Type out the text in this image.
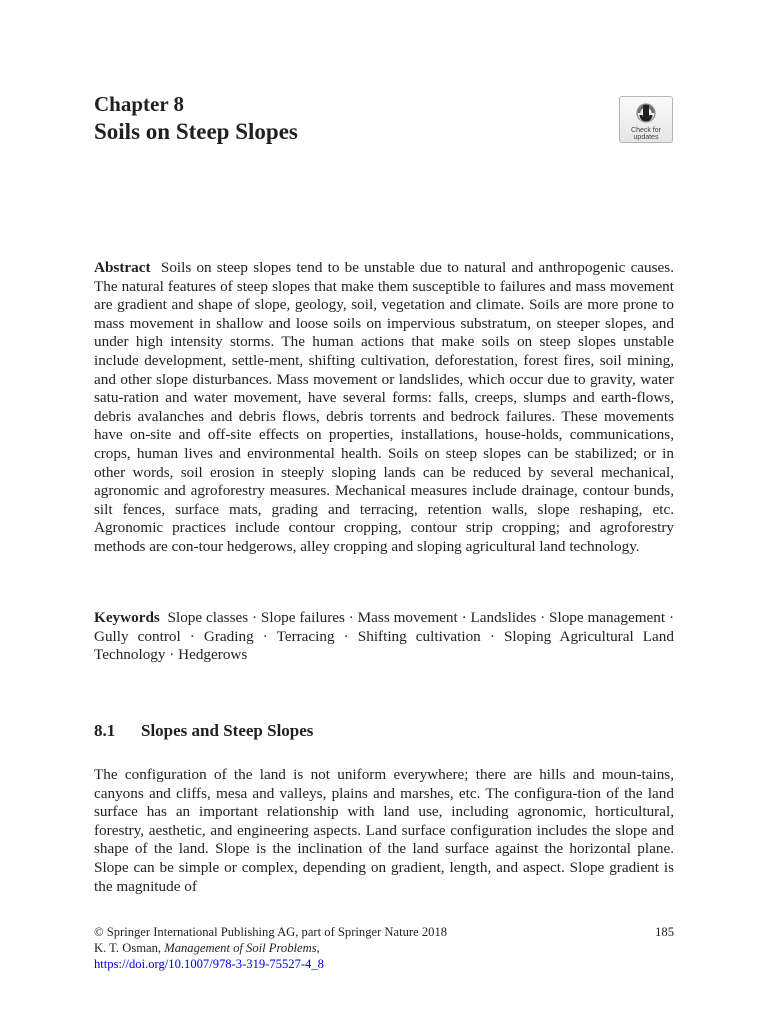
Chapter 8
Soils on Steep Slopes	Check for
updates
Abstract Soils on steep slopes tend to be unstable due to natural and anthropogenic causes. The natural features of steep slopes that make them susceptible to failures and mass movement are gradient and shape of slope, geology, soil, vegetation and climate. Soils are more prone to mass movement in shallow and loose soils on impervious substratum, on steeper slopes, and under high intensity storms. The human actions that make soils on steep slopes unstable include development, settle-ment, shifting cultivation, deforestation, forest fires, soil mining, and other slope disturbances. Mass movement or landslides, which occur due to gravity, water satu-ration and water movement, have several forms: falls, creeps, slumps and earth-flows, debris avalanches and debris flows, debris torrents and bedrock failures. These movements have on-site and off-site effects on properties, installations, house-holds, communications, crops, human lives and environmental health. Soils on steep slopes can be stabilized; or in other words, soil erosion in steeply sloping lands can be reduced by several mechanical, agronomic and agroforestry measures. Mechanical measures include drainage, contour bunds, silt fences, surface mats, grading and terracing, retention walls, slope reshaping, etc. Agronomic practices include contour cropping, contour strip cropping; and agroforestry methods are con-tour hedgerows, alley cropping and sloping agricultural land technology.
Keywords Slope classes · Slope failures · Mass movement · Landslides · Slope management · Gully control · Grading · Terracing · Shifting cultivation · Sloping Agricultural Land Technology · Hedgerows
8.1 Slopes and Steep Slopes
The configuration of the land is not uniform everywhere; there are hills and moun-tains, canyons and cliffs, mesa and valleys, plains and marshes, etc. The configura-tion of the land surface has an important relationship with land use, including agronomic, horticultural, forestry, aesthetic, and engineering aspects. Land surface configuration includes the slope and shape of the land. Slope is the inclination of the land surface against the horizontal plane. Slope can be simple or complex, depending on gradient, length, and aspect. Slope gradient is the magnitude of
© Springer International Publishing AG, part of Springer Nature 2018	185
K. T. Osman, Management of Soil Problems,
https://doi.org/10.1007/978-3-319-75527-4_8
